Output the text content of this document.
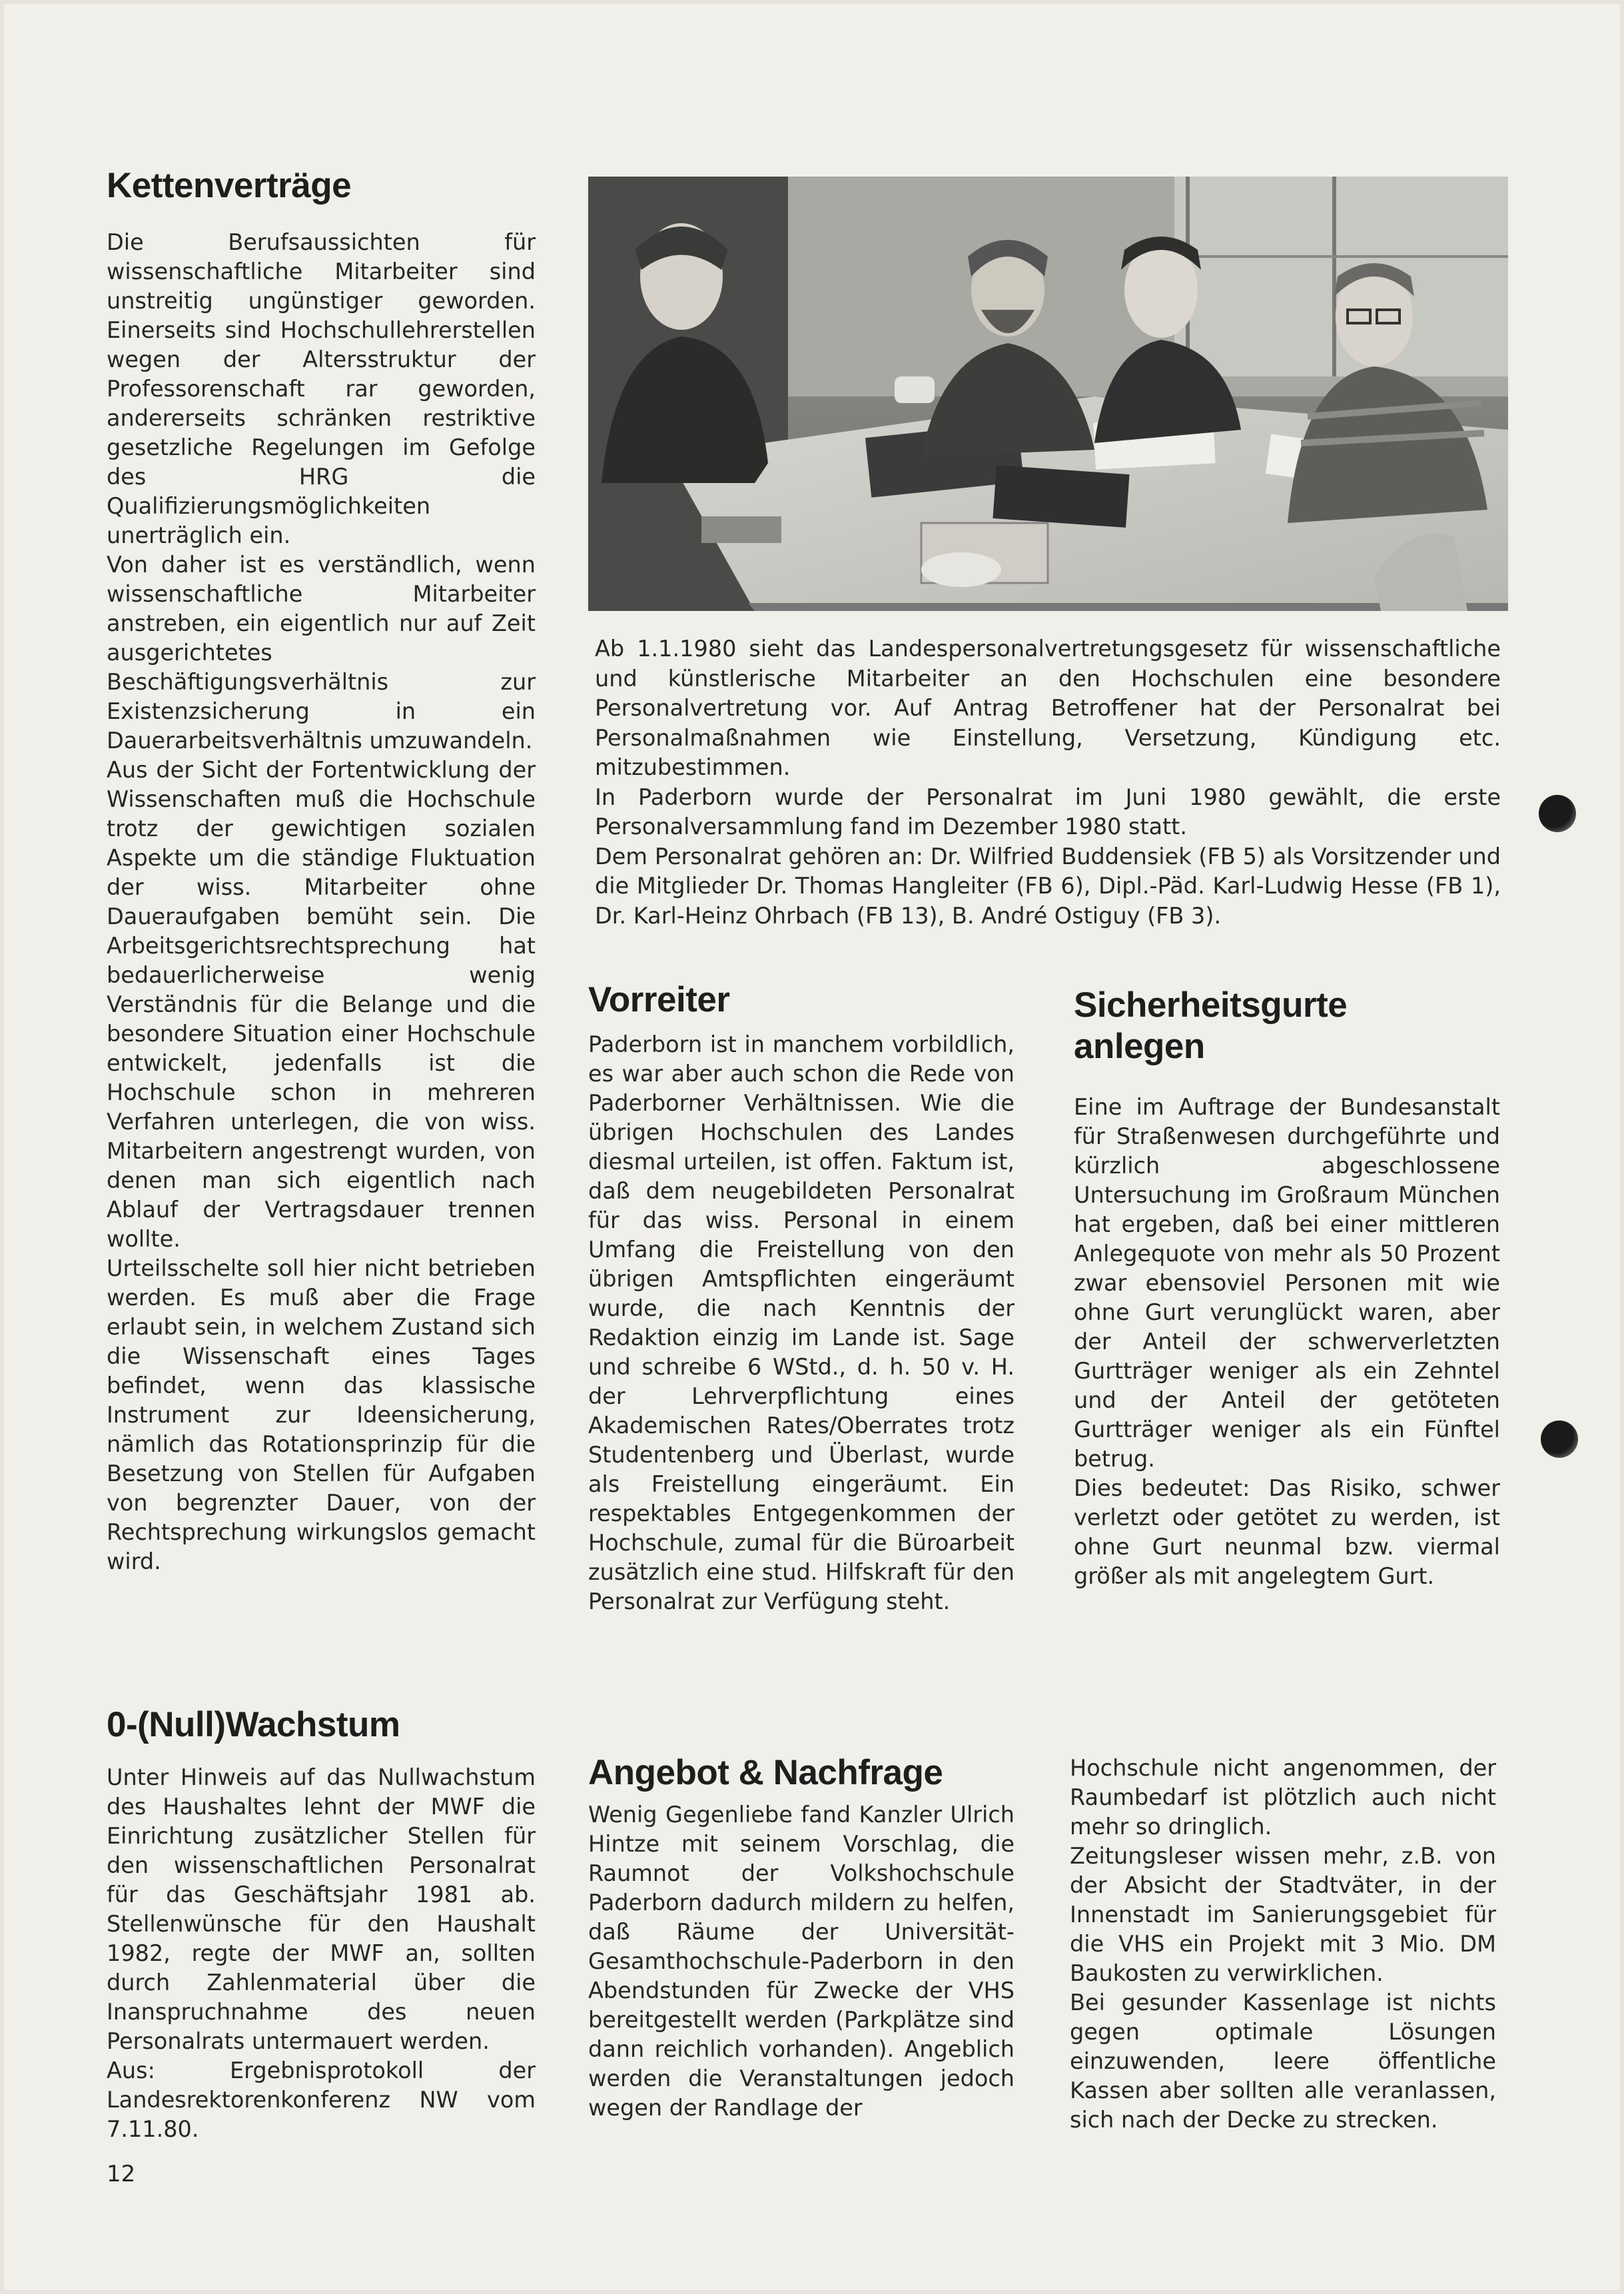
Kettenverträge

Die Berufsaussichten für wissenschaftliche Mitarbeiter sind unstreitig ungünstiger geworden. Einerseits sind Hochschullehrerstellen wegen der Altersstruktur der Professorenschaft rar geworden, andererseits schränken restriktive gesetzliche Regelungen im Gefolge des HRG die Qualifizierungsmöglichkeiten unerträglich ein.

Von daher ist es verständlich, wenn wissenschaftliche Mitarbeiter anstreben, ein eigentlich nur auf Zeit ausgerichtetes Beschäftigungsverhältnis zur Existenzsicherung in ein Dauerarbeitsverhältnis umzuwandeln.

Aus der Sicht der Fortentwicklung der Wissenschaften muß die Hochschule trotz der gewichtigen sozialen Aspekte um die ständige Fluktuation der wiss. Mitarbeiter ohne Daueraufgaben bemüht sein. Die Arbeitsgerichtsrechtsprechung hat bedauerlicherweise wenig Verständnis für die Belange und die besondere Situation einer Hochschule entwickelt, jedenfalls ist die Hochschule schon in mehreren Verfahren unterlegen, die von wiss. Mitarbeitern angestrengt wurden, von denen man sich eigentlich nach Ablauf der Vertragsdauer trennen wollte.

Urteilsschelte soll hier nicht betrieben werden. Es muß aber die Frage erlaubt sein, in welchem Zustand sich die Wissenschaft eines Tages befindet, wenn das klassische Instrument zur Ideensicherung, nämlich das Rotationsprinzip für die Besetzung von Stellen für Aufgaben von begrenzter Dauer, von der Rechtsprechung wirkungslos gemacht wird.

0-(Null)Wachstum

Unter Hinweis auf das Nullwachstum des Haushaltes lehnt der MWF die Einrichtung zusätzlicher Stellen für den wissenschaftlichen Personalrat für das Geschäftsjahr 1981 ab. Stellenwünsche für den Haushalt 1982, regte der MWF an, sollten durch Zahlenmaterial über die Inanspruchnahme des neuen Personalrats untermauert werden.

Aus: Ergebnisprotokoll der Landesrektorenkonferenz NW vom 7.11.80.

Ab 1.1.1980 sieht das Landespersonalvertretungsgesetz für wissenschaftliche und künstlerische Mitarbeiter an den Hochschulen eine besondere Personalvertretung vor. Auf Antrag Betroffener hat der Personalrat bei Personalmaßnahmen wie Einstellung, Versetzung, Kündigung etc. mitzubestimmen.

In Paderborn wurde der Personalrat im Juni 1980 gewählt, die erste Personalversammlung fand im Dezember 1980 statt.

Dem Personalrat gehören an: Dr. Wilfried Buddensiek (FB 5) als Vorsitzender und die Mitglieder Dr. Thomas Hangleiter (FB 6), Dipl.-Päd. Karl-Ludwig Hesse (FB 1), Dr. Karl-Heinz Ohrbach (FB 13), B. André Ostiguy (FB 3).

Vorreiter

Paderborn ist in manchem vorbildlich, es war aber auch schon die Rede von Paderborner Verhältnissen. Wie die übrigen Hochschulen des Landes diesmal urteilen, ist offen. Faktum ist, daß dem neugebildeten Personalrat für das wiss. Personal in einem Umfang die Freistellung von den übrigen Amtspflichten eingeräumt wurde, die nach Kenntnis der Redaktion einzig im Lande ist. Sage und schreibe 6 WStd., d. h. 50 v. H. der Lehrverpflichtung eines Akademischen Rates/Oberrates trotz Studentenberg und Überlast, wurde als Freistellung eingeräumt. Ein respektables Entgegenkommen der Hochschule, zumal für die Büroarbeit zusätzlich eine stud. Hilfskraft für den Personalrat zur Verfügung steht.

Angebot & Nachfrage

Wenig Gegenliebe fand Kanzler Ulrich Hintze mit seinem Vorschlag, die Raumnot der Volkshochschule Paderborn dadurch mildern zu helfen, daß Räume der Universität-Gesamthochschule-Paderborn in den Abendstunden für Zwecke der VHS bereitgestellt werden (Parkplätze sind dann reichlich vorhanden). Angeblich werden die Veranstaltungen jedoch wegen der Randlage der

Sicherheitsgurte
anlegen

Eine im Auftrage der Bundesanstalt für Straßenwesen durchgeführte und kürzlich abgeschlossene Untersuchung im Großraum München hat ergeben, daß bei einer mittleren Anlegequote von mehr als 50 Prozent zwar ebensoviel Personen mit wie ohne Gurt verunglückt waren, aber der Anteil der schwerverletzten Gurtträger weniger als ein Zehntel und der Anteil der getöteten Gurtträger weniger als ein Fünftel betrug.

Dies bedeutet: Das Risiko, schwer verletzt oder getötet zu werden, ist ohne Gurt neunmal bzw. viermal größer als mit angelegtem Gurt.

Hochschule nicht angenommen, der Raumbedarf ist plötzlich auch nicht mehr so dringlich.

Zeitungsleser wissen mehr, z.B. von der Absicht der Stadtväter, in der Innenstadt im Sanierungsgebiet für die VHS ein Projekt mit 3 Mio. DM Baukosten zu verwirklichen.

Bei gesunder Kassenlage ist nichts gegen optimale Lösungen einzuwenden, leere öffentliche Kassen aber sollten alle veranlassen, sich nach der Decke zu strecken.

12
